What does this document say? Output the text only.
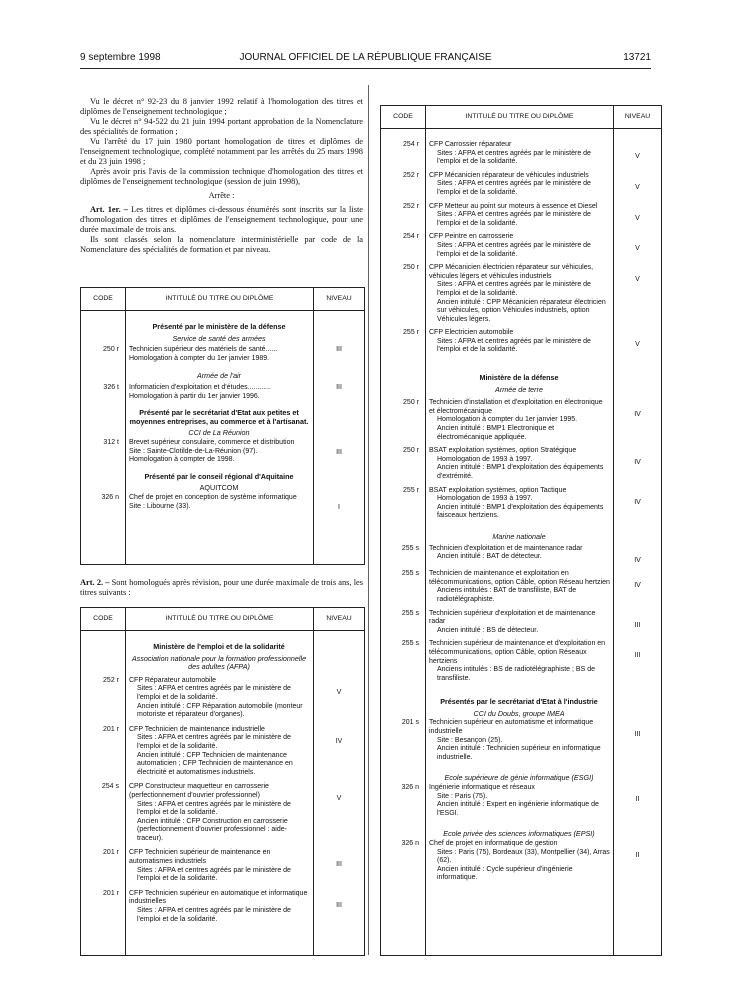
9 septembre 1998	JOURNAL OFFICIEL DE LA RÉPUBLIQUE FRANÇAISE	13721

Vu le décret n° 92-23 du 8 janvier 1992 relatif à l'homologation des titres et diplômes de l'enseignement technologique ;

Vu le décret n° 94-522 du 21 juin 1994 portant approbation de la Nomenclature des spécialités de formation ;

Vu l'arrêté du 17 juin 1980 portant homologation de titres et diplômes de l'enseignement technologique, complété notamment par les arrêtés du 25 mars 1998 et du 23 juin 1998 ;

Après avoir pris l'avis de la commission technique d'homologation des titres et diplômes de l'enseignement technologique (session de juin 1998),

Arrête :

Art. 1er. – Les titres et diplômes ci-dessous énumérés sont inscrits sur la liste d'homologation des titres et diplômes de l'enseignement technologique, pour une durée maximale de trois ans.

Ils sont classés selon la nomenclature interministérielle par code de la Nomenclature des spécialités de formation et par niveau.

CODE	INTITULÉ DU TITRE OU DIPLÔME	NIVEAU
Présenté par le ministère de la défense
Service de santé des armées
250 r	Technicien supérieur des matériels de santé......
Homologation à compter du 1er janvier 1989.
III
Armée de l'air
326 t	Informaticien d'exploitation et d'études............
Homologation à partir du 1er janvier 1996.
III
Présenté par le secrétariat d'Etat aux petites et moyennes entreprises, au commerce et à l'artisanat.
CCI de La Réunion
312 t	Brevet supérieur consulaire, commerce et distribution
Site : Sainte-Clotilde-de-La-Réunion (97).
Homologation à compter de 1998.
III
Présenté par le conseil régional d'Aquitaine
AQUITCOM
326 n	Chef de projet en conception de système informatique
Site : Libourne (33).	I
Art. 2. – Sont homologués après révision, pour une durée maximale de trois ans, les titres suivants :
CODE	INTITULÉ DU TITRE OU DIPLÔME	NIVEAU
Ministère de l'emploi et de la solidarité
Association nationale pour la formation professionnelle des adultes (AFPA)
252 r	CFP Réparateur automobile
Sites : AFPA et centres agréés par le ministère de l'emploi et de la solidarité.
Ancien intitulé : CFP Réparation automobile (monteur motoriste et réparateur d'organes).
V
201 r	CFP Technicien de maintenance industrielle
Sites : AFPA et centres agréés par le ministère de l'emploi et de la solidarité.
Ancien intitulé : CFP Technicien de maintenance automaticien ; CFP Technicien de maintenance en électricité et automatismes industriels.
IV
254 s	CPP Constructeur maquetteur en carrosserie (perfectionnement d'ouvrier professionnel)
Sites : AFPA et centres agréés par le ministère de l'emploi et de la solidarité.
Ancien intitulé : CFP Construction en carrosserie (perfectionnement d'ouvrier professionnel : aide-traceur).
V
201 r	CFP Technicien supérieur de maintenance en automatismes industriels
Sites : AFPA et centres agréés par le ministère de l'emploi et de la solidarité.
III
201 r	CFP Technicien supérieur en automatique et informatique industrielles
Sites : AFPA et centres agréés par le ministère de l'emploi et de la solidarité.
III
CODE	INTITULÉ DU TITRE OU DIPLÔME	NIVEAU
254 r	CFP Carrossier réparateur
Sites : AFPA et centres agréés par le ministère de l'emploi et de la solidarité.
V
252 r	CFP Mécanicien réparateur de véhicules industriels
Sites : AFPA et centres agréés par le ministère de l'emploi et de la solidarité.
V
252 r	CFP Metteur au point sur moteurs à essence et Diesel
Sites : AFPA et centres agréés par le ministère de l'emploi et de la solidarité.
V
254 r	CFP Peintre en carrosserie
Sites : AFPA et centres agréés par le ministère de l'emploi et de la solidarité.
V
250 r	CPP Mécanicien électricien réparateur sur véhicules, véhicules légers et véhicules industriels
Sites : AFPA et centres agréés par le ministère de l'emploi et de la solidarité.
Ancien intitulé : CPP Mécanicien réparateur électricien sur véhicules, option Véhicules industriels, option Véhicules légers.
V
255 r	CFP Electricien automobile
Sites : AFPA et centres agréés par le ministère de l'emploi et de la solidarité.
V
Ministère de la défense
Armée de terre
250 r	Technicien d'installation et d'exploitation en électronique et électromécanique
Homologation à compter du 1er janvier 1995.
Ancien intitulé : BMP1 Electronique et électromécanique appliquée.
IV
250 r	BSAT exploitation systèmes, option Stratégique
Homologation de 1993 à 1997.
Ancien intitulé : BMP1 d'exploitation des équipements d'extrémité.
IV
255 r	BSAT exploitation systèmes, option Tactique
Homologation de 1993 à 1997.
Ancien intitulé : BMP1 d'exploitation des équipements faisceaux hertziens.
IV
Marine nationale
255 s	Technicien d'exploitation et de maintenance radar
Ancien intitulé : BAT de détecteur.	IV
255 s	Technicien de maintenance et exploitation en télécommunications, option Câble, option Réseau hertzien
Anciens intitulés : BAT de transfiliste, BAT de radiotélégraphiste.
IV
255 s	Technicien supérieur d'exploitation et de maintenance radar
Ancien intitulé : BS de détecteur.
III
255 s	Technicien supérieur de maintenance et d'exploitation en télécommunications, option Câble, option Réseaux hertziens
Anciens intitulés : BS de radiotélégraphiste ; BS de transfiliste.
III
Présentés par le secrétariat d'Etat à l'industrie
CCI du Doubs, groupe IMEA
201 s	Technicien supérieur en automatisme et informatique industrielle
Site : Besançon (25).
Ancien intitulé : Technicien supérieur en informatique industrielle.
III
Ecole supérieure de génie informatique (ESGI)
326 n	Ingénierie informatique et réseaux
Site : Paris (75).
Ancien intitulé : Expert en ingénierie informatique de l'ESGI.
II
Ecole privée des sciences informatiques (EPSI)
326 n	Chef de projet en informatique de gestion
Sites : Paris (75), Bordeaux (33), Montpellier (34), Arras (62).
Ancien intitulé : Cycle supérieur d'ingénierie informatique.
II
